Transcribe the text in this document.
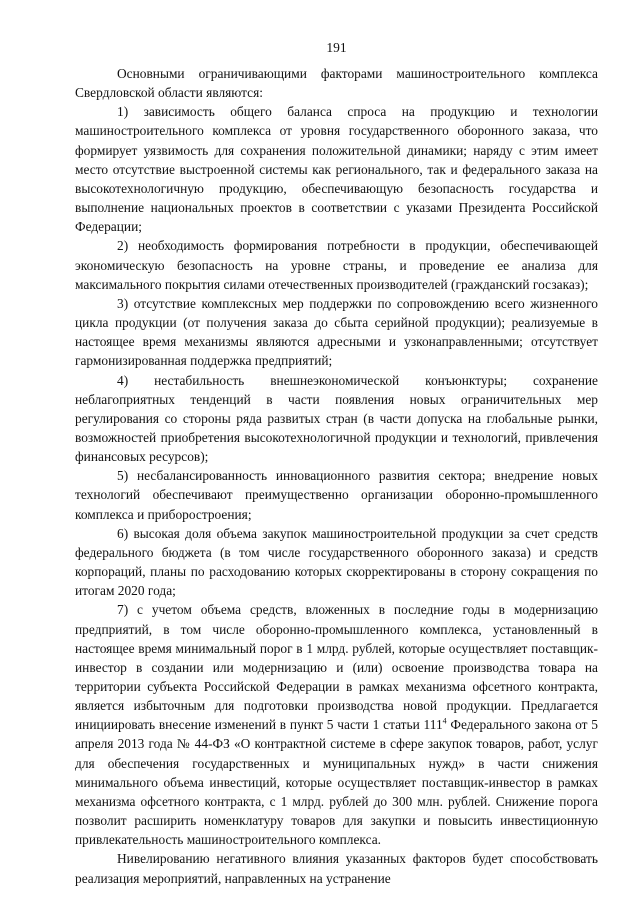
191

Основными ограничивающими факторами машиностроительного комплекса Свердловской области являются:

1) зависимость общего баланса спроса на продукцию и технологии машиностроительного комплекса от уровня государственного оборонного заказа, что формирует уязвимость для сохранения положительной динамики; наряду с этим имеет место отсутствие выстроенной системы как регионального, так и федерального заказа на высокотехнологичную продукцию, обеспечивающую безопасность государства и выполнение национальных проектов в соответствии с указами Президента Российской Федерации;

2) необходимость формирования потребности в продукции, обеспечивающей экономическую безопасность на уровне страны, и проведение ее анализа для максимального покрытия силами отечественных производителей (гражданский госзаказ);

3) отсутствие комплексных мер поддержки по сопровождению всего жизненного цикла продукции (от получения заказа до сбыта серийной продукции); реализуемые в настоящее время механизмы являются адресными и узконаправленными; отсутствует гармонизированная поддержка предприятий;

4) нестабильность внешнеэкономической конъюнктуры; сохранение неблагоприятных тенденций в части появления новых ограничительных мер регулирования со стороны ряда развитых стран (в части допуска на глобальные рынки, возможностей приобретения высокотехнологичной продукции и технологий, привлечения финансовых ресурсов);

5) несбалансированность инновационного развития сектора; внедрение новых технологий обеспечивают преимущественно организации оборонно-промышленного комплекса и приборостроения;

6) высокая доля объема закупок машиностроительной продукции за счет средств федерального бюджета (в том числе государственного оборонного заказа) и средств корпораций, планы по расходованию которых скорректированы в сторону сокращения по итогам 2020 года;

7) с учетом объема средств, вложенных в последние годы в модернизацию предприятий, в том числе оборонно-промышленного комплекса, установленный в настоящее время минимальный порог в 1 млрд. рублей, которые осуществляет поставщик-инвестор в создании или модернизацию и (или) освоение производства товара на территории субъекта Российской Федерации в рамках механизма офсетного контракта, является избыточным для подготовки производства новой продукции. Предлагается инициировать внесение изменений в пункт 5 части 1 статьи $111^4$ Федерального закона от 5 апреля 2013 года № 44-ФЗ «О контрактной системе в сфере закупок товаров, работ, услуг для обеспечения государственных и муниципальных нужд» в части снижения минимального объема инвестиций, которые осуществляет поставщик-инвестор в рамках механизма офсетного контракта, с 1 млрд. рублей до 300 млн. рублей. Снижение порога позволит расширить номенклатуру товаров для закупки и повысить инвестиционную привлекательность машиностроительного комплекса.

Нивелированию негативного влияния указанных факторов будет способствовать реализация мероприятий, направленных на устранение
